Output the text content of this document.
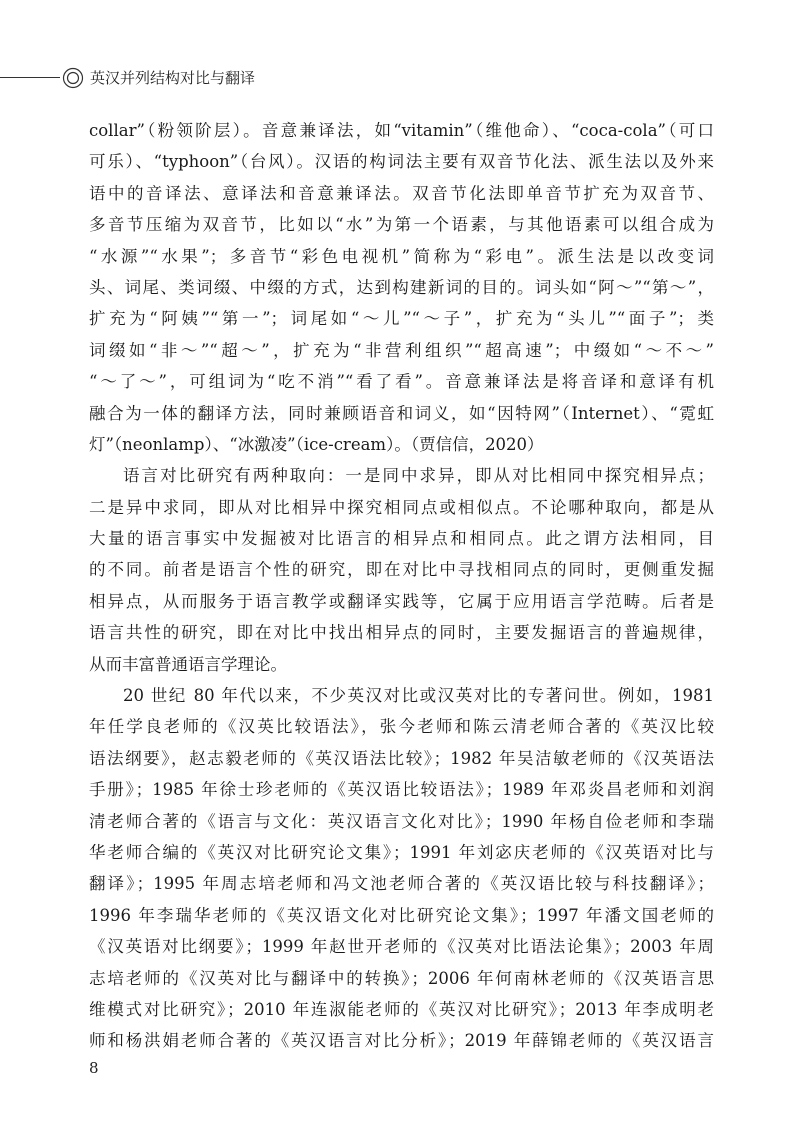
英汉并列结构对比与翻译
collar”（粉领阶层）。音意兼译法，如“vitamin”（维他命）、“coca-cola”（可口
可乐）、“typhoon”（台风）。汉语的构词法主要有双音节化法、派生法以及外来
语中的音译法、意译法和音意兼译法。双音节化法即单音节扩充为双音节、
多音节压缩为双音节，比如以“水”为第一个语素，与其他语素可以组合成为
“水源”“水果”；多音节“彩色电视机”简称为“彩电”。派生法是以改变词
头、词尾、类词缀、中缀的方式，达到构建新词的目的。词头如“阿～”“第～”，
扩充为“阿姨”“第一”；词尾如“～儿”“～子”，扩充为“头儿”“面子”；类
词缀如“非～”“超～”，扩充为“非营利组织”“超高速”；中缀如“～不～”
“～了～”，可组词为“吃不消”“看了看”。音意兼译法是将音译和意译有机
融合为一体的翻译方法，同时兼顾语音和词义，如“因特网”（Internet）、“霓虹
灯”（neonlamp）、“冰激凌”（ice-cream）。（贾信信，2020）
语言对比研究有两种取向：一是同中求异，即从对比相同中探究相异点；
二是异中求同，即从对比相异中探究相同点或相似点。不论哪种取向，都是从
大量的语言事实中发掘被对比语言的相异点和相同点。此之谓方法相同，目
的不同。前者是语言个性的研究，即在对比中寻找相同点的同时，更侧重发掘
相异点，从而服务于语言教学或翻译实践等，它属于应用语言学范畴。后者是
语言共性的研究，即在对比中找出相异点的同时，主要发掘语言的普遍规律，
从而丰富普通语言学理论。
20 世纪 80 年代以来，不少英汉对比或汉英对比的专著问世。例如，1981
年任学良老师的《汉英比较语法》，张今老师和陈云清老师合著的《英汉比较
语法纲要》，赵志毅老师的《英汉语法比较》；1982 年吴洁敏老师的《汉英语法
手册》；1985 年徐士珍老师的《英汉语比较语法》；1989 年邓炎昌老师和刘润
清老师合著的《语言与文化：英汉语言文化对比》；1990 年杨自俭老师和李瑞
华老师合编的《英汉对比研究论文集》；1991 年刘宓庆老师的《汉英语对比与
翻译》；1995 年周志培老师和冯文池老师合著的《英汉语比较与科技翻译》；
1996 年李瑞华老师的《英汉语文化对比研究论文集》；1997 年潘文国老师的
《汉英语对比纲要》；1999 年赵世开老师的《汉英对比语法论集》；2003 年周
志培老师的《汉英对比与翻译中的转换》；2006 年何南林老师的《汉英语言思
维模式对比研究》；2010 年连淑能老师的《英汉对比研究》；2013 年李成明老
师和杨洪娟老师合著的《英汉语言对比分析》；2019 年薛锦老师的《英汉语言
8
